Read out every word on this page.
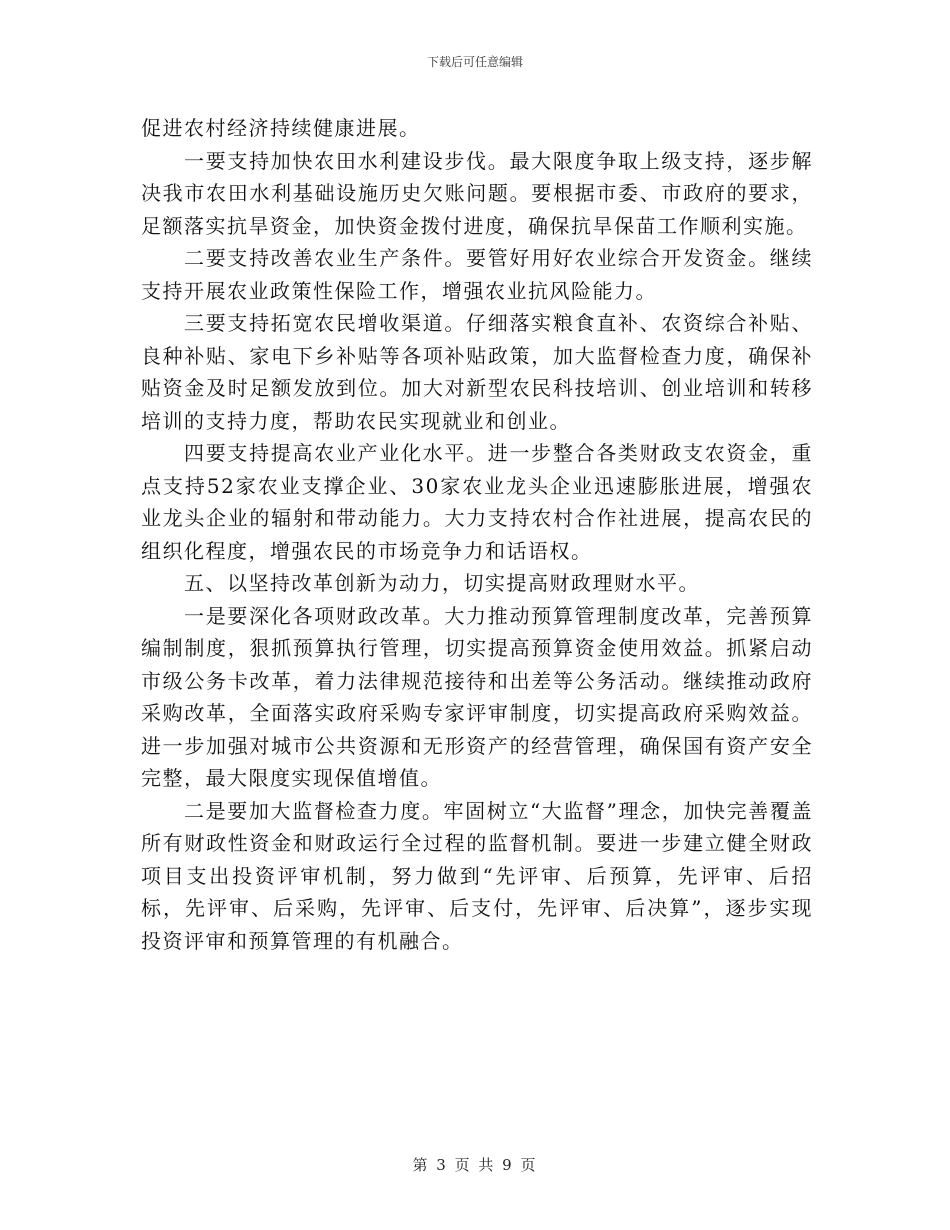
下载后可任意编辑

促进农村经济持续健康进展。

一要支持加快农田水利建设步伐。最大限度争取上级支持，逐步解决我市农田水利基础设施历史欠账问题。要根据市委、市政府的要求，足额落实抗旱资金，加快资金拨付进度，确保抗旱保苗工作顺利实施。

二要支持改善农业生产条件。要管好用好农业综合开发资金。继续支持开展农业政策性保险工作，增强农业抗风险能力。

三要支持拓宽农民增收渠道。仔细落实粮食直补、农资综合补贴、良种补贴、家电下乡补贴等各项补贴政策，加大监督检查力度，确保补贴资金及时足额发放到位。加大对新型农民科技培训、创业培训和转移培训的支持力度，帮助农民实现就业和创业。

四要支持提高农业产业化水平。进一步整合各类财政支农资金，重点支持52家农业支撑企业、30家农业龙头企业迅速膨胀进展，增强农业龙头企业的辐射和带动能力。大力支持农村合作社进展，提高农民的组织化程度，增强农民的市场竞争力和话语权。

五、以坚持改革创新为动力，切实提高财政理财水平。

一是要深化各项财政改革。大力推动预算管理制度改革，完善预算编制制度，狠抓预算执行管理，切实提高预算资金使用效益。抓紧启动市级公务卡改革，着力法律规范接待和出差等公务活动。继续推动政府采购改革，全面落实政府采购专家评审制度，切实提高政府采购效益。进一步加强对城市公共资源和无形资产的经营管理，确保国有资产安全完整，最大限度实现保值增值。

二是要加大监督检查力度。牢固树立“大监督”理念，加快完善覆盖所有财政性资金和财政运行全过程的监督机制。要进一步建立健全财政项目支出投资评审机制，努力做到“先评审、后预算，先评审、后招标，先评审、后采购，先评审、后支付，先评审、后决算”，逐步实现投资评审和预算管理的有机融合。

第 3 页 共 9 页
